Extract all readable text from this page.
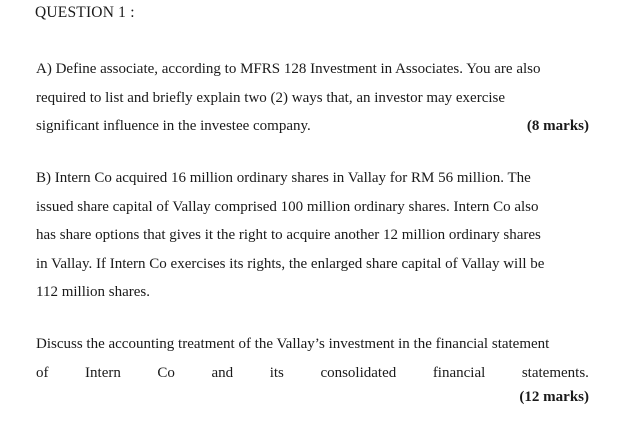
QUESTION 1 :
A) Define associate, according to MFRS 128 Investment in Associates. You are also
required to list and briefly explain two (2) ways that, an investor may exercise
significant influence in the investee company.	(8 marks)
B) Intern Co acquired 16 million ordinary shares in Vallay for RM 56 million. The
issued share capital of Vallay comprised 100 million ordinary shares. Intern Co also
has share options that gives it the right to acquire another 12 million ordinary shares
in Vallay. If Intern Co exercises its rights, the enlarged share capital of Vallay will be
112 million shares.
Discuss the accounting treatment of the Vallay’s investment in the financial statement
of Intern Co and its consolidated financial statements.
(12 marks)
